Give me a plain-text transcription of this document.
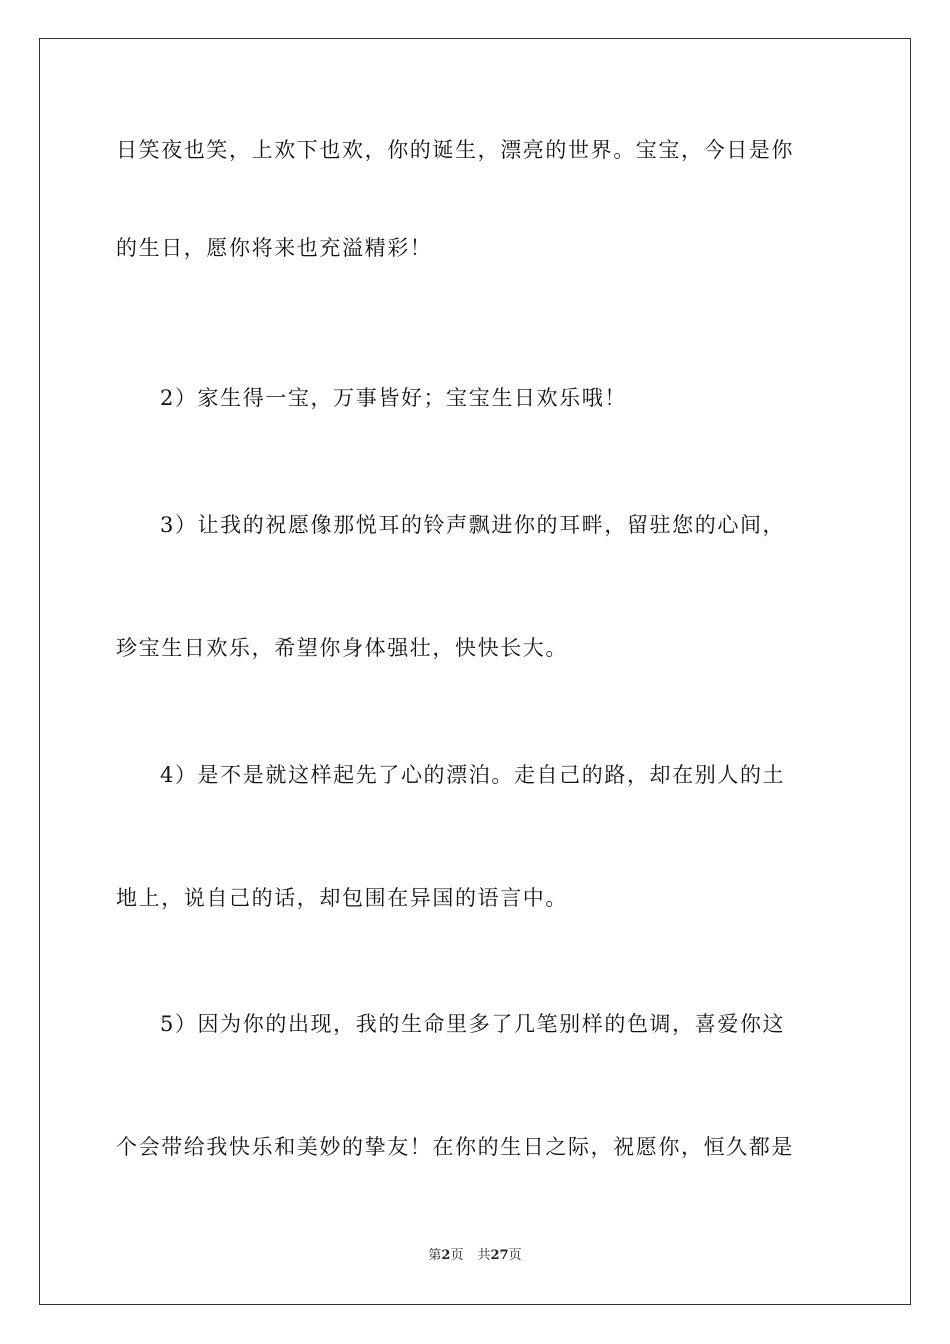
日笑夜也笑，上欢下也欢，你的诞生，漂亮的世界。宝宝，今日是你
的生日，愿你将来也充溢精彩！
2）家生得一宝，万事皆好；宝宝生日欢乐哦！
3）让我的祝愿像那悦耳的铃声飘进你的耳畔，留驻您的心间，
珍宝生日欢乐，希望你身体强壮，快快长大。
4）是不是就这样起先了心的漂泊。走自己的路，却在别人的土
地上，说自己的话，却包围在异国的语言中。
5）因为你的出现，我的生命里多了几笔别样的色调，喜爱你这
个会带给我快乐和美妙的挚友！在你的生日之际，祝愿你，恒久都是
第2页 共27页
